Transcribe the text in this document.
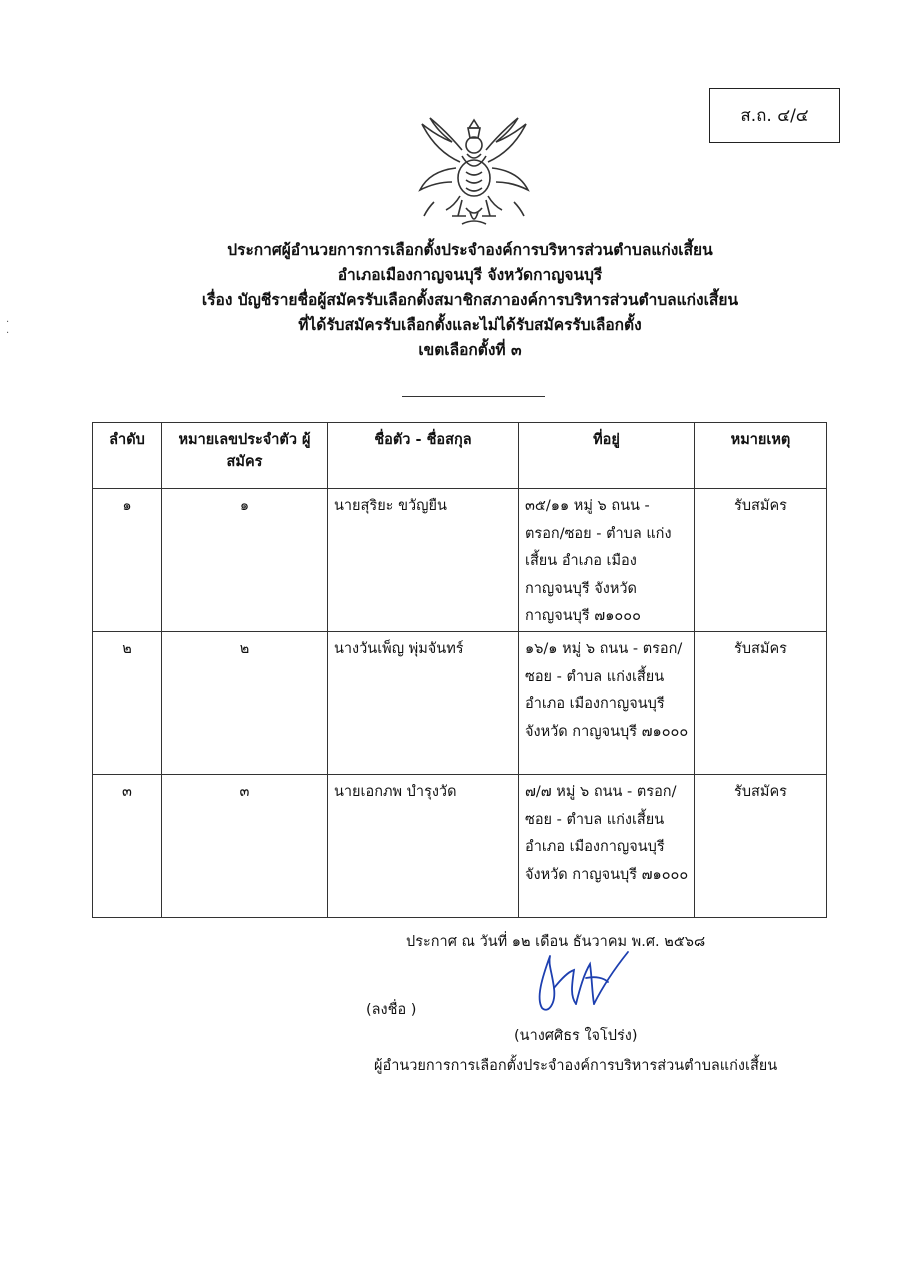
ส.ถ. ๔/๔
ประกาศผู้อำนวยการการเลือกตั้งประจำองค์การบริหารส่วนตำบลแก่งเสี้ยน
อำเภอเมืองกาญจนบุรี จังหวัดกาญจนบุรี
เรื่อง บัญชีรายชื่อผู้สมัครรับเลือกตั้งสมาชิกสภาองค์การบริหารส่วนตำบลแก่งเสี้ยน
ที่ได้รับสมัครรับเลือกตั้งและไม่ได้รับสมัครรับเลือกตั้ง
เขตเลือกตั้งที่ ๓
·
·
ลำดับ	หมายเลขประจำตัว ผู้สมัคร	ชื่อตัว - ชื่อสกุล	ที่อยู่	หมายเหตุ
๑	๑	นายสุริยะ ขวัญยืน	๓๕/๑๑ หมู่ ๖ ถนน - ตรอก/ซอย - ตำบล แก่งเสี้ยน อำเภอ เมืองกาญจนบุรี จังหวัด กาญจนบุรี ๗๑๐๐๐	รับสมัคร
๒	๒	นางวันเพ็ญ พุ่มจันทร์	๑๖/๑ หมู่ ๖ ถนน - ตรอก/ซอย - ตำบล แก่งเสี้ยน อำเภอ เมืองกาญจนบุรี จังหวัด กาญจนบุรี ๗๑๐๐๐	รับสมัคร
๓	๓	นายเอกภพ บำรุงวัด	๗/๗ หมู่ ๖ ถนน - ตรอก/ซอย - ตำบล แก่งเสี้ยน อำเภอ เมืองกาญจนบุรี จังหวัด กาญจนบุรี ๗๑๐๐๐	รับสมัคร
ประกาศ ณ วันที่ ๑๒ เดือน ธันวาคม พ.ศ. ๒๕๖๘
(ลงชื่อ )
(นางศศิธร ใจโปร่ง)
ผู้อำนวยการการเลือกตั้งประจำองค์การบริหารส่วนตำบลแก่งเสี้ยน
